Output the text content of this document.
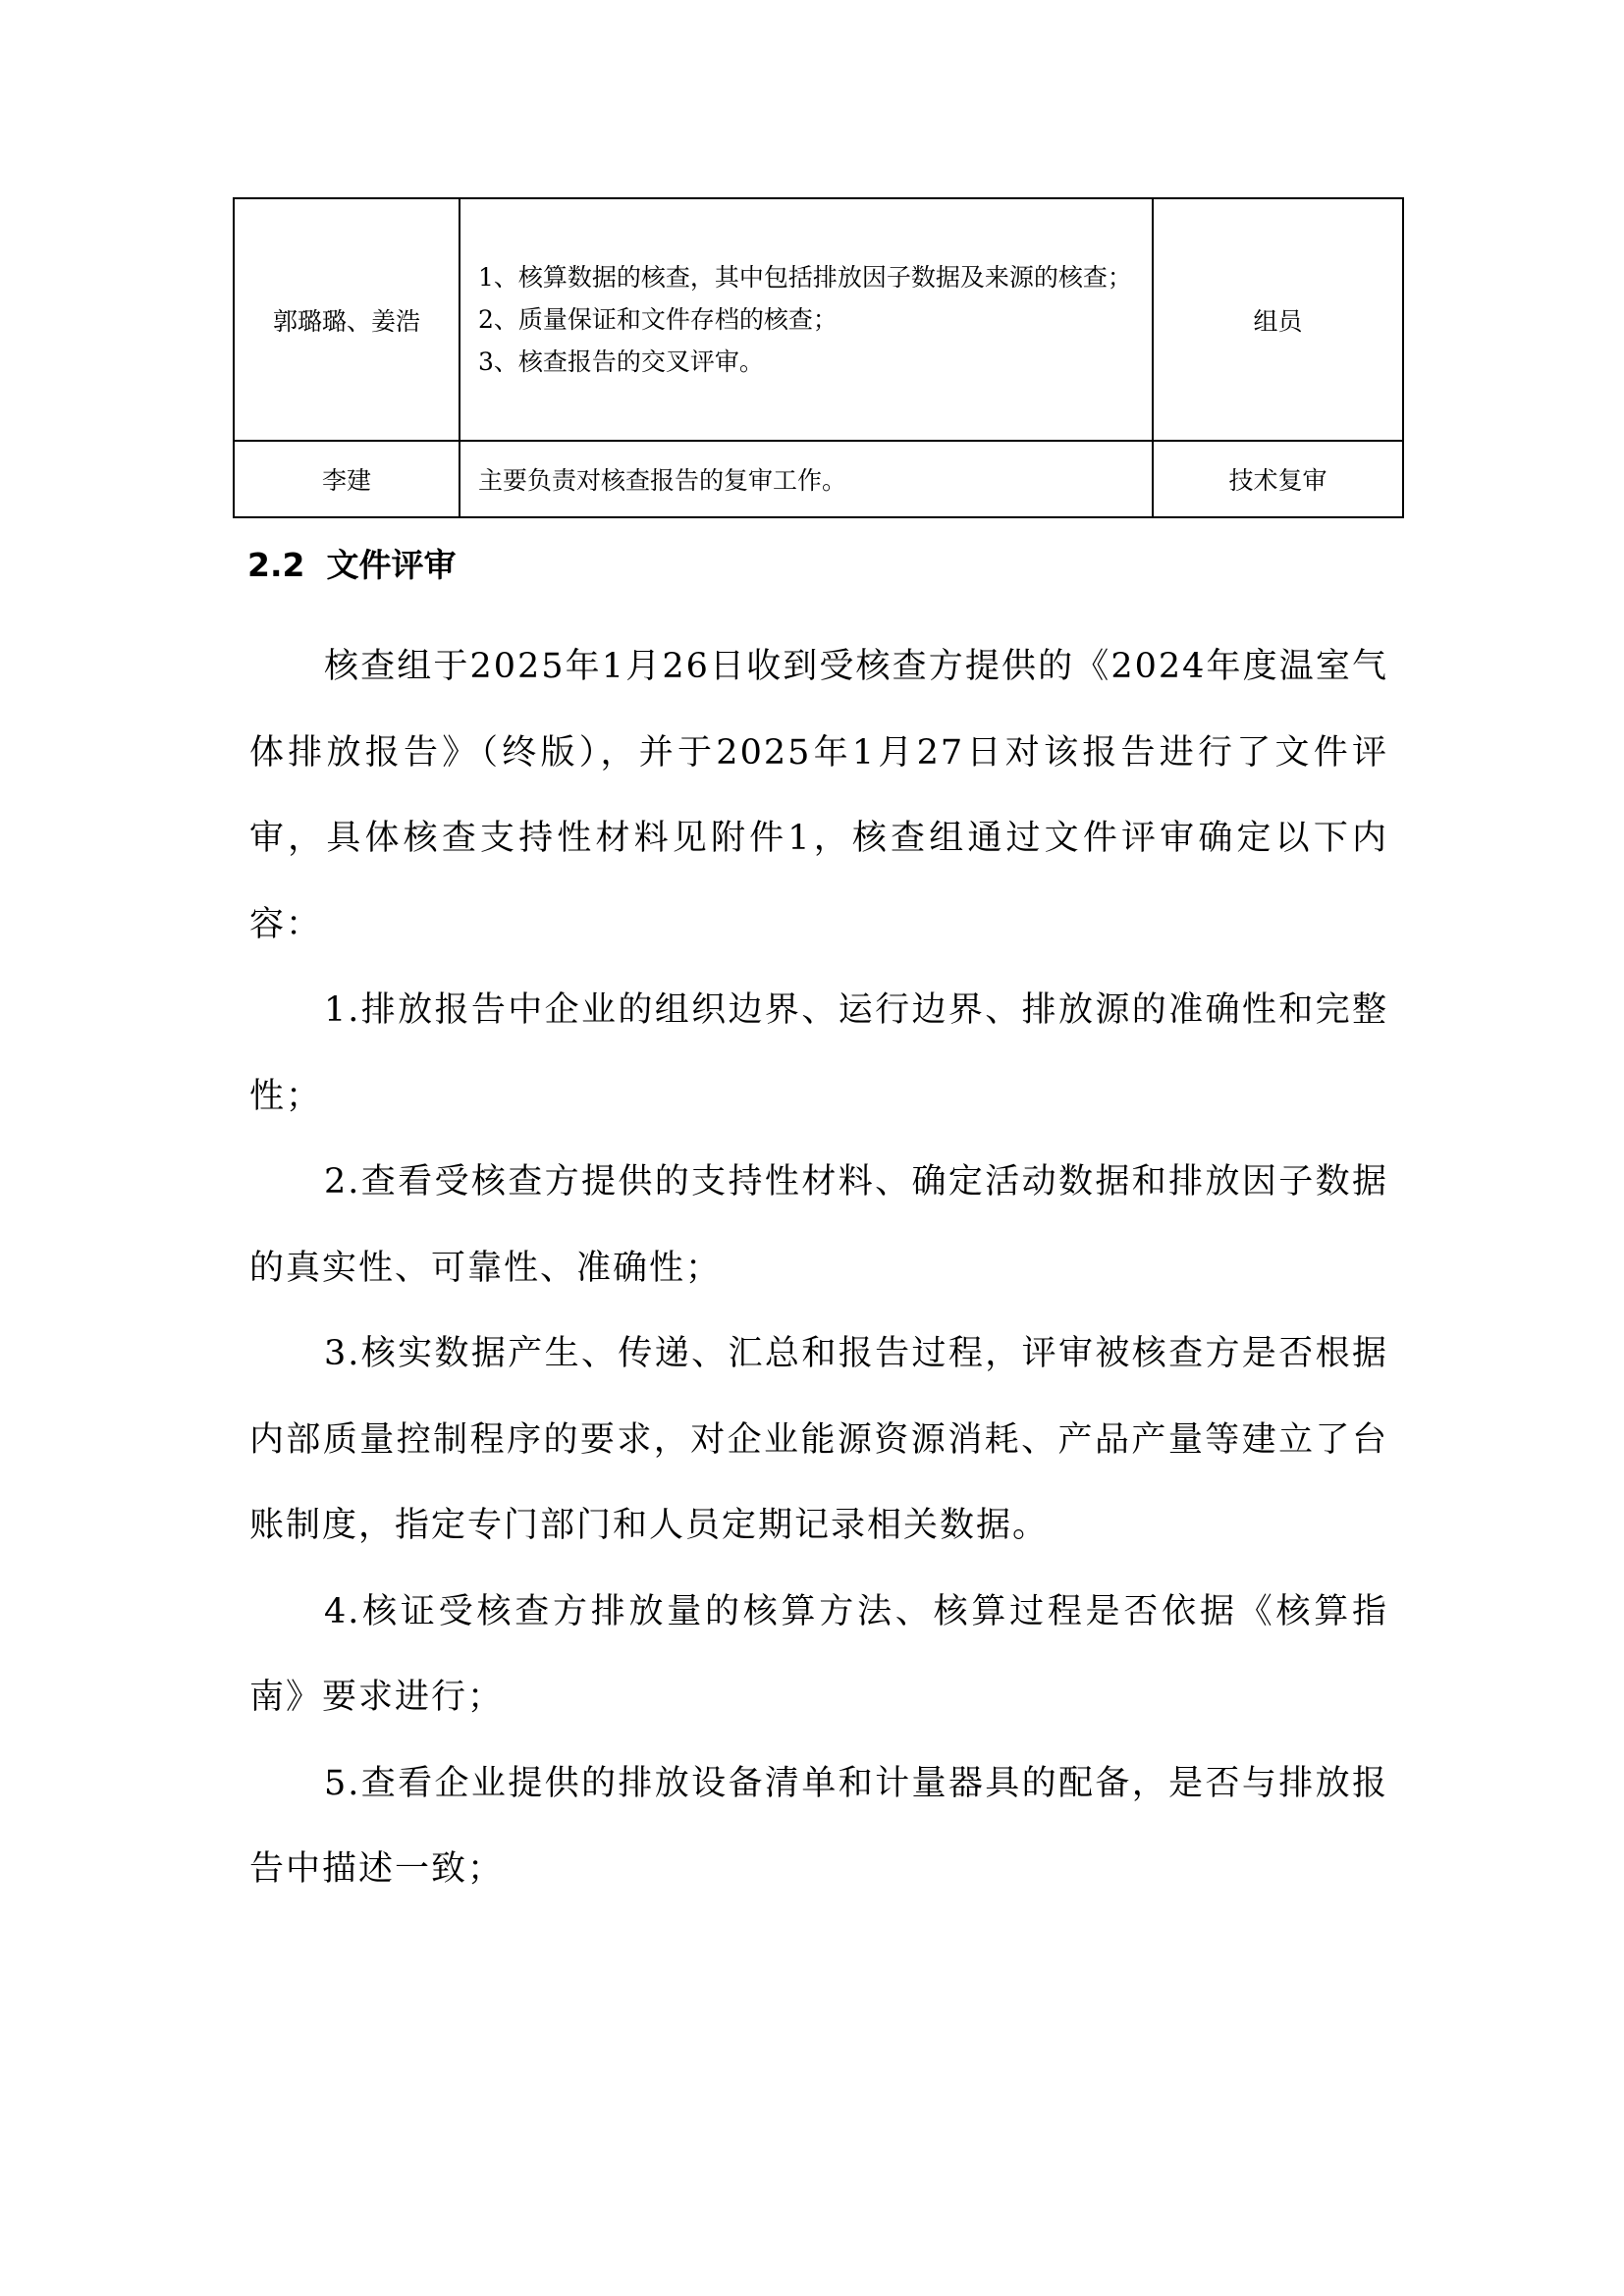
郭璐璐、姜浩	1、核算数据的核查，其中包括排放因子数据及来源的核查；
2、质量保证和文件存档的核查；
3、核查报告的交叉评审。	组员
李建	主要负责对核查报告的复审工作。	技术复审
2.2 文件评审

核查组于2025年1月26日收到受核查方提供的《2024年度温室气体排放报告》（终版），并于2025年1月27日对该报告进行了文件评审，具体核查支持性材料见附件1，核查组通过文件评审确定以下内容：

1.排放报告中企业的组织边界、运行边界、排放源的准确性和完整性；

2.查看受核查方提供的支持性材料、确定活动数据和排放因子数据的真实性、可靠性、准确性；

3.核实数据产生、传递、汇总和报告过程，评审被核查方是否根据内部质量控制程序的要求，对企业能源资源消耗、产品产量等建立了台账制度，指定专门部门和人员定期记录相关数据。

4.核证受核查方排放量的核算方法、核算过程是否依据《核算指南》要求进行；

5.查看企业提供的排放设备清单和计量器具的配备，是否与排放报告中描述一致；
